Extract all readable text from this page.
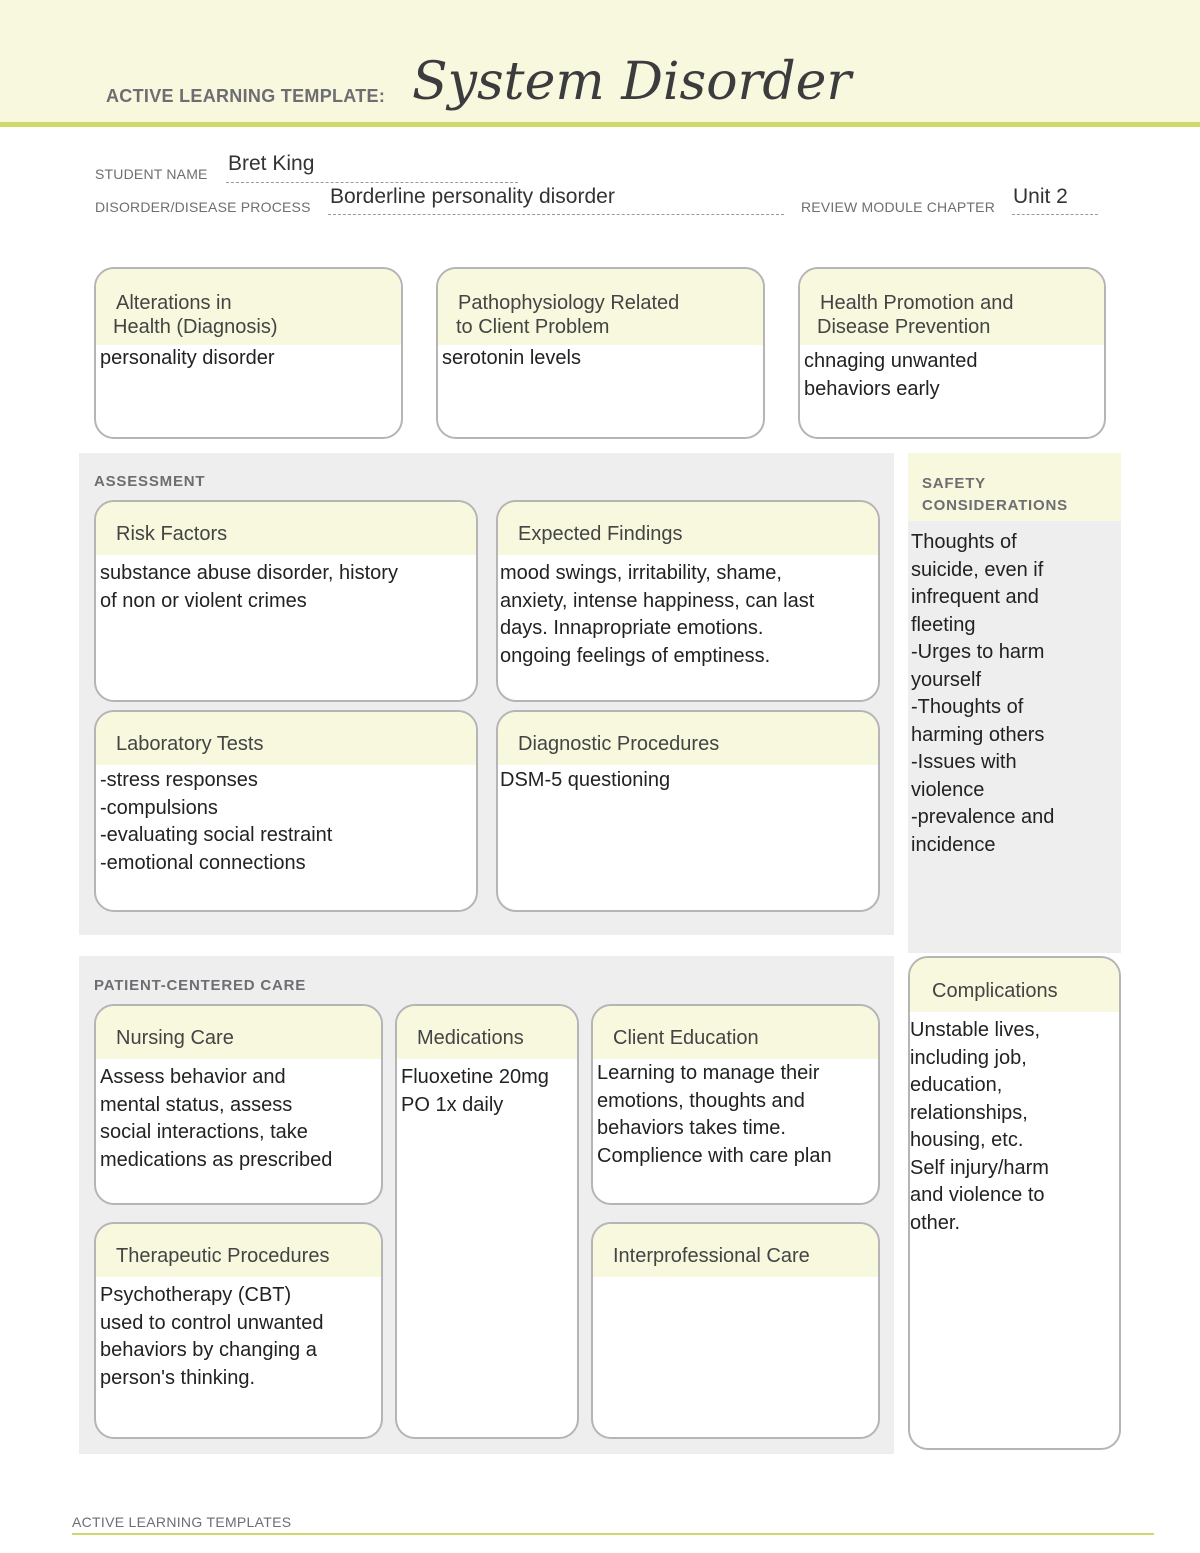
ACTIVE LEARNING TEMPLATE: System Disorder
STUDENT NAME Bret King
DISORDER/DISEASE PROCESS Borderline personality disorder	REVIEW MODULE CHAPTER Unit 2
Alterations in
Health (Diagnosis)
personality disorder
Pathophysiology Related
to Client Problem
serotonin levels
Health Promotion and
Disease Prevention
chnaging unwanted
behaviors early
ASSESSMENT
Risk Factors
substance abuse disorder, history
of non or violent crimes
Expected Findings
mood swings, irritability, shame,
anxiety, intense happiness, can last
days. Innapropriate emotions.
ongoing feelings of emptiness.
Laboratory Tests
-stress responses
-compulsions
-evaluating social restraint
-emotional connections
Diagnostic Procedures
DSM-5 questioning
SAFETY
CONSIDERATIONS
Thoughts of
suicide, even if
infrequent and
fleeting
-Urges to harm
yourself
-Thoughts of
harming others
-Issues with
violence
-prevalence and
incidence
PATIENT-CENTERED CARE
Nursing Care
Assess behavior and
mental status, assess
social interactions, take
medications as prescribed
Medications
Fluoxetine 20mg
PO 1x daily
Client Education
Learning to manage their
emotions, thoughts and
behaviors takes time.
Complience with care plan
Therapeutic Procedures
Psychotherapy (CBT)
used to control unwanted
behaviors by changing a
person's thinking.
Interprofessional Care
Complications
Unstable lives,
including job,
education,
relationships,
housing, etc.
Self injury/harm
and violence to
other.
ACTIVE LEARNING TEMPLATES
